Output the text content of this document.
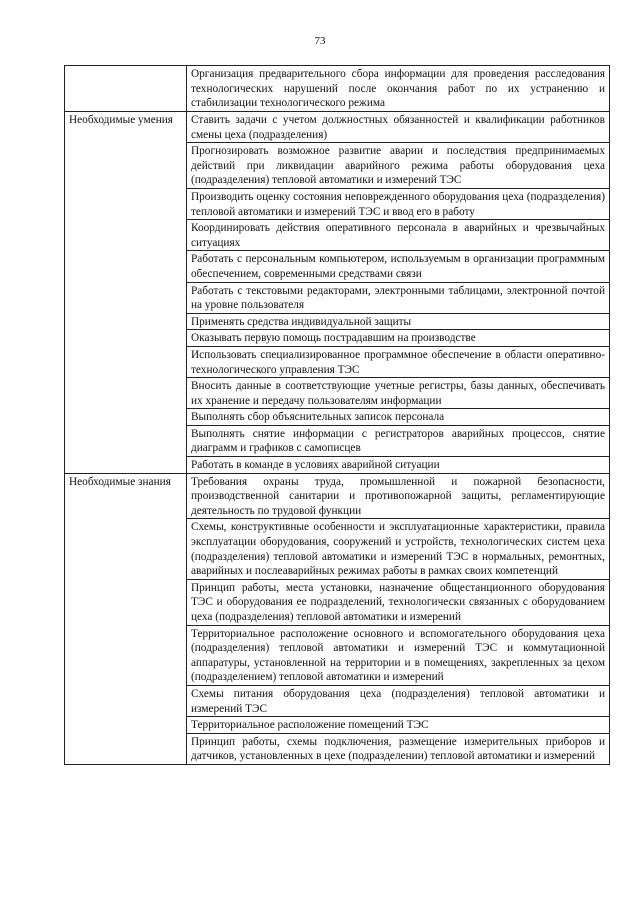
73
	Организация предварительного сбора информации для проведения расследования технологических нарушений после окончания работ по их устранению и стабилизации технологического режима
Необходимые умения	Ставить задачи с учетом должностных обязанностей и квалификации работников смены цеха (подразделения)
	Прогнозировать возможное развитие аварии и последствия предпринимаемых действий при ликвидации аварийного режима работы оборудования цеха (подразделения) тепловой автоматики и измерений ТЭС
	Производить оценку состояния неповрежденного оборудования цеха (подразделения) тепловой автоматики и измерений ТЭС и ввод его в работу
	Координировать действия оперативного персонала в аварийных и чрезвычайных ситуациях
	Работать с персональным компьютером, используемым в организации программным обеспечением, современными средствами связи
	Работать с текстовыми редакторами, электронными таблицами, электронной почтой на уровне пользователя
	Применять средства индивидуальной защиты
	Оказывать первую помощь пострадавшим на производстве
	Использовать специализированное программное обеспечение в области оперативно-технологического управления ТЭС
	Вносить данные в соответствующие учетные регистры, базы данных, обеспечивать их хранение и передачу пользователям информации
	Выполнять сбор объяснительных записок персонала
	Выполнять снятие информации с регистраторов аварийных процессов, снятие диаграмм и графиков с самописцев
	Работать в команде в условиях аварийной ситуации
Необходимые знания	Требования охраны труда, промышленной и пожарной безопасности, производственной санитарии и противопожарной защиты, регламентирующие деятельность по трудовой функции
	Схемы, конструктивные особенности и эксплуатационные характеристики, правила эксплуатации оборудования, сооружений и устройств, технологических систем цеха (подразделения) тепловой автоматики и измерений ТЭС в нормальных, ремонтных, аварийных и послеаварийных режимах работы в рамках своих компетенций
	Принцип работы, места установки, назначение общестанционного оборудования ТЭС и оборудования ее подразделений, технологически связанных с оборудованием цеха (подразделения) тепловой автоматики и измерений
	Территориальное расположение основного и вспомогательного оборудования цеха (подразделения) тепловой автоматики и измерений ТЭС и коммутационной аппаратуры, установленной на территории и в помещениях, закрепленных за цехом (подразделением) тепловой автоматики и измерений
	Схемы питания оборудования цеха (подразделения) тепловой автоматики и измерений ТЭС
	Территориальное расположение помещений ТЭС
	Принцип работы, схемы подключения, размещение измерительных приборов и датчиков, установленных в цехе (подразделении) тепловой автоматики и измерений
